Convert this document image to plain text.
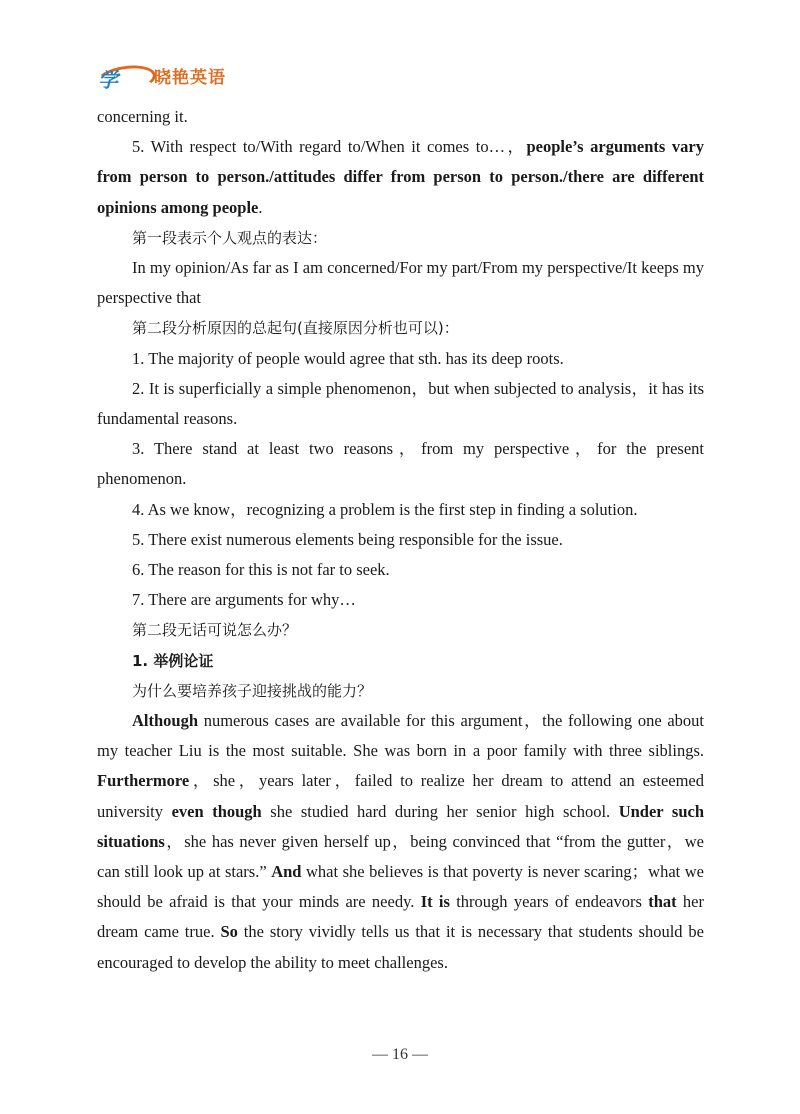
学 晓艳英语

concerning it.

5. With respect to/With regard to/When it comes to…，people’s arguments vary from person to person./attitudes differ from person to person./there are different opinions among people.

第一段表示个人观点的表达：

In my opinion/As far as I am concerned/For my part/From my perspective/It keeps my perspective that

第二段分析原因的总起句(直接原因分析也可以)：

1. The majority of people would agree that sth. has its deep roots.

2. It is superficially a simple phenomenon，but when subjected to analysis，it has its fundamental reasons.

3. There stand at least two reasons，from my perspective，for the present phenomenon.

4. As we know，recognizing a problem is the first step in finding a solution.

5. There exist numerous elements being responsible for the issue.

6. The reason for this is not far to seek.

7. There are arguments for why…

第二段无话可说怎么办？

1. 举例论证

为什么要培养孩子迎接挑战的能力？

Although numerous cases are available for this argument，the following one about my teacher Liu is the most suitable. She was born in a poor family with three siblings. Furthermore，she，years later，failed to realize her dream to attend an esteemed university even though she studied hard during her senior high school. Under such situations，she has never given herself up，being convinced that “from the gutter，we can still look up at stars.” And what she believes is that poverty is never scaring；what we should be afraid is that your minds are needy. It is through years of endeavors that her dream came true. So the story vividly tells us that it is necessary that students should be encouraged to develop the ability to meet challenges.

— 16 —
